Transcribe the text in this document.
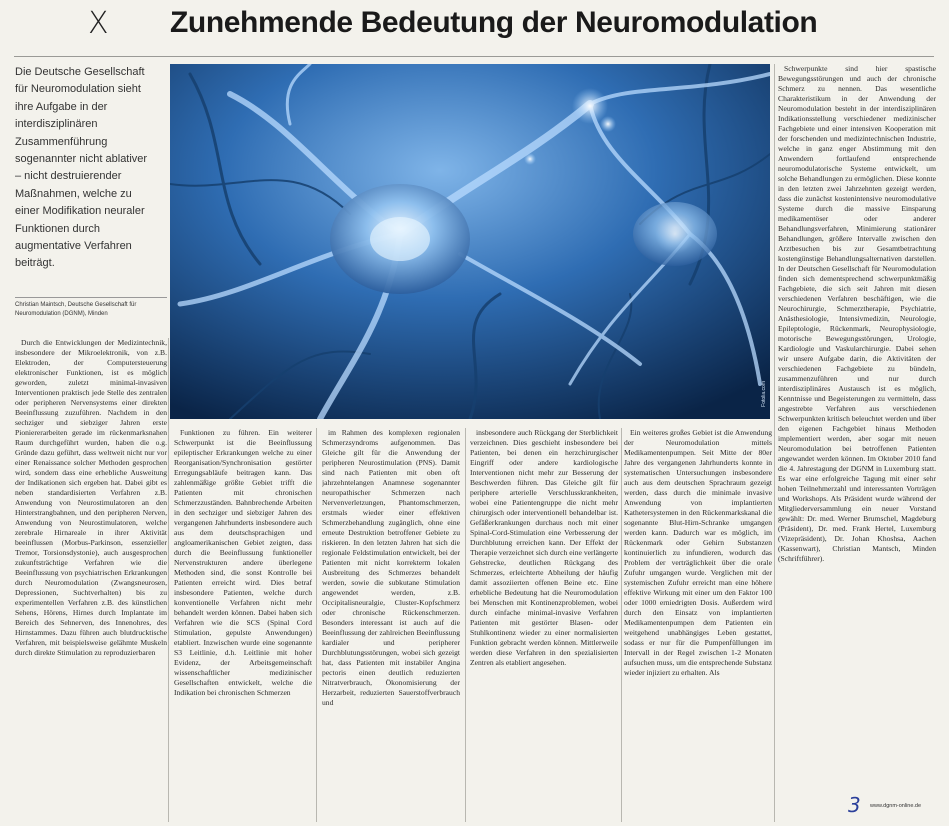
X Zunehmende Bedeutung der Neuromodulation
Die Deutsche Gesellschaft für Neuromodulation sieht ihre Aufgabe in der interdisziplinären Zusammenführung sogenannter nicht ablativer – nicht destruierender Maßnahmen, welche zu einer Modifikation neuraler Funktionen durch augmentative Verfahren beiträgt.
Christian Maintsch, Deutsche Gesellschaft für Neuromodulation (DGNM), Minden
Fotolia.com

Durch die Entwicklungen der Medizintechnik, insbesondere der Mikroelektronik, von z.B. Elektroden, der Computersteuerung elektronischer Funktionen, ist es möglich geworden, zuletzt minimal-invasiven Interventionen praktisch jede Stelle des zentralen oder peripheren Nervensystems einer direkten Beeinflussung zuzuführen. Nachdem in den sechziger und siebziger Jahren erste Pioniererarbeiten gerade im rückenmarksnahen Raum durchgeführt wurden, haben die o.g. Gründe dazu geführt, dass weltweit nicht nur vor einer Renaissance solcher Methoden gesprochen wird, sondern dass eine erhebliche Ausweitung der Indikationen sich ergeben hat. Dabei gibt es neben standardisierten Verfahren z.B. Anwendung von Neurostimulatoren an den Hinterstrangbahnen, und den peripheren Nerven, Anwendung von Neurostimulatoren, welche zerebrale Hirnareale in ihrer Aktivität beeinflussen (Morbus-Parkinson, essenzieller Tremor, Torsionsdystonie), auch ausgesprochen zukunftsträchtige Verfahren wie die Beeinflussung von psychiatrischen Erkrankungen durch Neuromodulation (Zwangsneurosen, Depressionen, Suchtverhalten) bis zu experimentellen Verfahren z.B. des künstlichen Sehens, Hörens, Hirnes durch Implantate im Bereich des Sehnerven, des Innenohres, des Hirnstammes. Dazu führen auch blutdrucktische Verfahren, mit beispielsweise gelähmte Muskeln durch direkte Stimulation zu reproduzierbaren

Funktionen zu führen. Ein weiterer Schwerpunkt ist die Beeinflussung epileptischer Erkrankungen welche zu einer Reorganisation/Synchronisation gestörter Erregungsabläufe beitragen kann. Das zahlenmäßige größte Gebiet trifft die Patienten mit chronischen Schmerzzuständen. Bahnbrechende Arbeiten in den sechziger und siebziger Jahren des vergangenen Jahrhunderts insbesondere auch aus dem deutschsprachigen und angloamerikanischen Gebiet zeigten, dass durch die Beeinflussung funktioneller Nervenstrukturen andere überlegene Methoden sind, die sonst Kontrolle bei Patienten erreicht wird. Dies betraf insbesondere Patienten, welche durch konventionelle Verfahren nicht mehr behandelt werden können. Dabei haben sich Verfahren wie die SCS (Spinal Cord Stimulation, gepulste Anwendungen) etabliert. Inzwischen wurde eine sogenannte S3 Leitlinie, d.h. Leitlinie mit hoher Evidenz, der Arbeitsgemeinschaft wissenschaftlicher medizinischer Gesellschaften entwickelt, welche die Indikation bei chronischen Schmerzen

im Rahmen des komplexen regionalen Schmerzsyndroms aufgenommen. Das Gleiche gilt für die Anwendung der peripheren Neurostimulation (PNS). Damit sind nach Patienten mit oben oft jahrzehntelangen Anamnese sogenannter neuropathischer Schmerzen nach Nervenverletzungen, Phantomschmerzen, erstmals wieder einer effektiven Schmerzbehandlung zugänglich, ohne eine erneute Destruktion betroffener Gebiete zu riskieren. In den letzten Jahren hat sich die regionale Feldstimulation entwickelt, bei der Patienten mit nicht korrekterm lokalen Ausbreitung des Schmerzes behandelt werden, sowie die subkutane Stimulation angewendet werden, z.B. Occipitalisneuralgie, Cluster-Kopfschmerz oder chronische Rückenschmerzen. Besonders interessant ist auch auf die Beeinflussung der zahlreichen Beeinflussung kardialer und peripherer Durchblutungsstörungen, wobei sich gezeigt hat, dass Patienten mit instabiler Angina pectoris einen deutlich reduzierten Nitratverbrauch, Ökonomisierung der Herzarbeit, reduzierten Sauerstoffverbrauch und

insbesondere auch Rückgang der Sterblichkeit verzeichnen. Dies geschieht insbesondere bei Patienten, bei denen ein herzchirurgischer Eingriff oder andere kardiologische Interventionen nicht mehr zur Besserung der Beschwerden führen. Das Gleiche gilt für periphere arterielle Verschlusskrankheiten, wobei eine Patientengruppe die nicht mehr chirurgisch oder interventionell behandelbar ist. Gefäßerkrankungen durchaus noch mit einer Spinal-Cord-Stimulation eine Verbesserung der Durchblutung erreichen kann. Der Effekt der Therapie verzeichnet sich durch eine verlängerte Gehstrecke, deutlichen Rückgang des Schmerzes, erleichterte Abheilung der häufig damit assoziierten offenen Beine etc. Eine erhebliche Bedeutung hat die Neuromodulation bei Menschen mit Kontinenzproblemen, wobei durch einfache minimal-invasive Verfahren Patienten mit gestörter Blasen- oder Stuhlkontinenz wieder zu einer normalisierten Funktion gebracht werden können. Mittlerweile werden diese Verfahren in den spezialisierten Zentren als etabliert angesehen.

Ein weiteres großes Gebiet ist die Anwendung der Neuromodulation mittels Medikamentenpumpen. Seit Mitte der 80er Jahre des vergangenen Jahrhunderts konnte in systematischen Untersuchungen insbesondere auch aus dem deutschen Sprachraum gezeigt werden, dass durch die minimale invasive Anwendung von implantierten Kathetersystemen in den Rückenmarkskanal die sogenannte Blut-Hirn-Schranke umgangen werden kann. Dadurch war es möglich, im Rückenmark oder Gehirn Substanzen kontinuierlich zu infundieren, wodurch das Problem der verträglichkeit über die orale Zufuhr umgangen wurde. Verglichen mit der systemischen Zufuhr erreicht man eine höhere effektive Wirkung mit einer um den Faktor 100 oder 1000 erniedrigten Dosis. Außerdem wird durch den Einsatz von implantierten Medikamentenpumpen dem Patienten ein weitgehend unabhängiges Leben gestattet, sodass er nur für die Pumpenfüllungen im Intervall in der Regel zwischen 1-2 Monaten aufsuchen muss, um die entsprechende Substanz wieder injiziert zu erhalten. Als

Schwerpunkte sind hier spastische Bewegungsstörungen und auch der chronische Schmerz zu nennen. Das wesentliche Charakteristikum in der Anwendung der Neuromodulation besteht in der interdisziplinären Indikationsstellung verschiedener medizinischer Fachgebiete und einer intensiven Kooperation mit der forschenden und medizintechnischen Industrie, welche in ganz enger Abstimmung mit den Anwendern fortlaufend entsprechende neuromodulatorische Systeme entwickelt, um solche Behandlungen zu ermöglichen. Diese konnte in den letzten zwei Jahrzehnten gezeigt werden, dass die zunächst kostenintensive neuromodulative Systeme durch die massive Einsparung medikamentöser oder anderer Behandlungsverfahren, Minimierung stationärer Behandlungen, größere Intervalle zwischen den Arztbesuchen bis zur Gesamtbetrachtung kostengünstige Behandlungsalternativen darstellen. In der Deutschen Gesellschaft für Neuromodulation finden sich dementsprechend schwerpunktmäßig Fachgebiete, die sich seit Jahren mit diesen verschiedenen Verfahren beschäftigen, wie die Neurochirurgie, Schmerztherapie, Psychiatrie, Anästhesiologie, Intensivmedizin, Neurologie, Epileptologie, Rückenmark, Neurophysiologie, motorische Bewegungsstörungen, Urologie, Kardiologie und Vaskularchirurgie. Dabei sehen wir unsere Aufgabe darin, die Aktivitäten der verschiedenen Fachgebiete zu bündeln, zusammenzuführen und nur durch interdisziplinäres Austausch ist es möglich, Kenntnisse und Begeisterungen zu vermitteln, dass angestrebte Verfahren aus verschiedenen Schwerpunkten kritisch beleuchtet werden und über den eigenen Fachgebiet hinaus Methoden implementiert werden, aber sogar mit neuen Neuromodulation bei betroffenen Patienten angewandet werden können. Im Oktober 2010 fand die 4. Jahrestagung der DGNM in Luxemburg statt. Es war eine erfolgreiche Tagung mit einer sehr hohen Teilnehmerzahl und interessanten Vorträgen und Workshops. Als Präsident wurde während der Mitgliederversammlung ein neuer Vorstand gewählt: Dr. med. Werner Brumschel, Magdeburg (Präsident), Dr. med. Frank Hertel, Luxemburg (Vizepräsident), Dr. Johan Khoshsa, Aachen (Kassenwart), Christian Mantsch, Minden (Schriftführer).

3 www.dgnm-online.de
